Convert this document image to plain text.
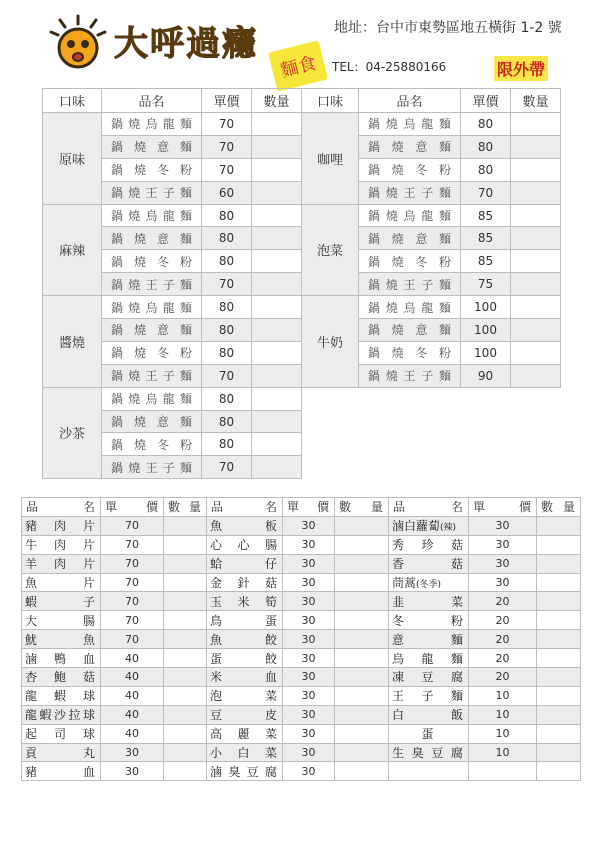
大呼過癮
麵食
地址：台中市東勢區地五橫街 1-2 號
TEL：04-25880166	限外帶
口味	品名	單價	數量	口味	品名	單價	數量
原味	鍋燒烏龍麵	70		咖哩	鍋燒烏龍麵	80	
	鍋燒意麵	70			鍋燒意麵	80	
	鍋燒冬粉	70			鍋燒冬粉	80	
	鍋燒王子麵	60			鍋燒王子麵	70	
麻辣	鍋燒烏龍麵	80		泡菜	鍋燒烏龍麵	85	
	鍋燒意麵	80			鍋燒意麵	85	
	鍋燒冬粉	80			鍋燒冬粉	85	
	鍋燒王子麵	70			鍋燒王子麵	75	
醬燒	鍋燒烏龍麵	80		牛奶	鍋燒烏龍麵	100	
	鍋燒意麵	80			鍋燒意麵	100	
	鍋燒冬粉	80			鍋燒冬粉	100	
	鍋燒王子麵	70			鍋燒王子麵	90	
沙茶	鍋燒烏龍麵	80					
	鍋燒意麵	80					
	鍋燒冬粉	80					
	鍋燒王子麵	70					
品名	單價	數量	品名	單價	數量	品名	單價	數量
豬肉片	70		魚板	30		滷白蘿蔔(辣)	30	
牛肉片	70		心心腸	30		秀珍菇	30	
羊肉片	70		蛤仔	30		香菇	30	
魚片	70		金針菇	30		茼蒿(冬季)	30	
蝦子	70		玉米筍	30		韭菜	20	
大腸	70		鳥蛋	30		冬粉	20	
魷魚	70		魚餃	30		意麵	20	
滷鴨血	40		蛋餃	30		烏龍麵	20	
杏鮑菇	40		米血	30		凍豆腐	20	
龍蝦球	40		泡菜	30		王子麵	10	
龍蝦沙拉球	40		豆皮	30		白飯	10	
起司球	40		高麗菜	30		蛋	10	
貢丸	30		小白菜	30		生臭豆腐	10	
豬血	30		滷臭豆腐	30				
